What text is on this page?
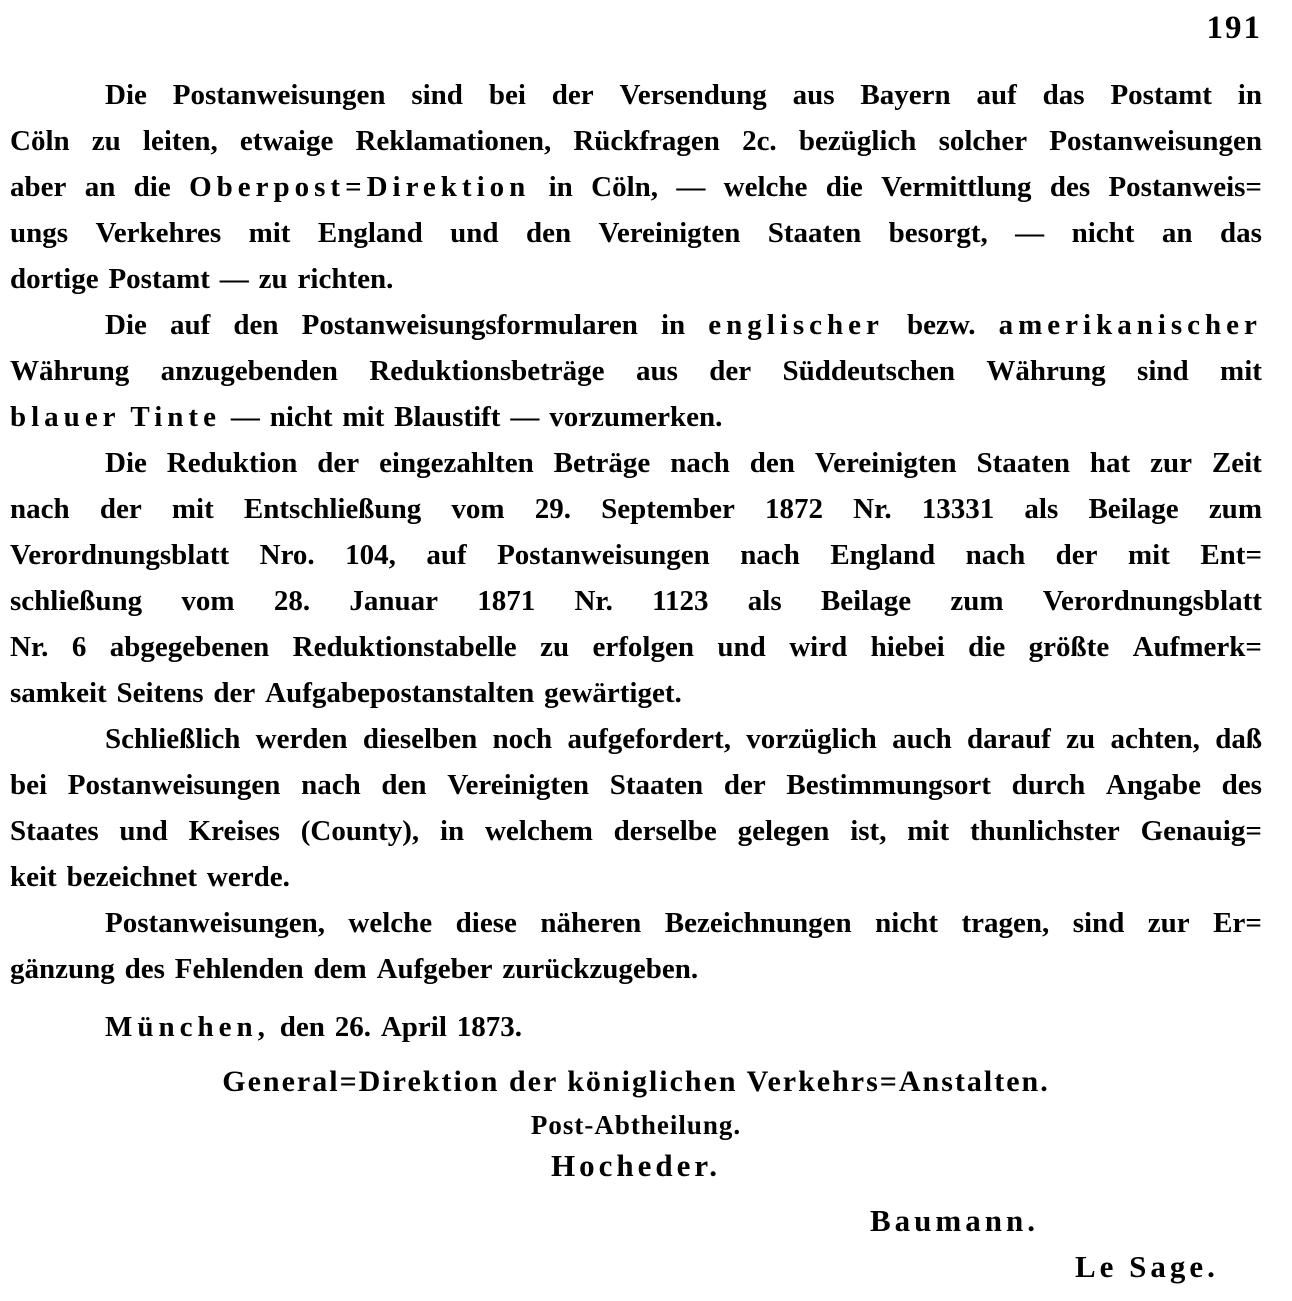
191
Die Postanweisungen sind bei der Versendung aus Bayern auf das Postamt in
Cöln zu leiten, etwaige Reklamationen, Rückfragen 2c. bezüglich solcher Postanweisungen
aber an die Oberpost=Direktion in Cöln, — welche die Vermittlung des Postanweis=
ungs Verkehres mit England und den Vereinigten Staaten besorgt, — nicht an das
dortige Postamt — zu richten.
Die auf den Postanweisungsformularen in englischer bezw. amerikanischer
Währung anzugebenden Reduktionsbeträge aus der Süddeutschen Währung sind mit
blauer Tinte — nicht mit Blaustift — vorzumerken.
Die Reduktion der eingezahlten Beträge nach den Vereinigten Staaten hat zur Zeit
nach der mit Entschließung vom 29. September 1872 Nr. 13331 als Beilage zum
Verordnungsblatt Nro. 104, auf Postanweisungen nach England nach der mit Ent=
schließung vom 28. Januar 1871 Nr. 1123 als Beilage zum Verordnungsblatt
Nr. 6 abgegebenen Reduktionstabelle zu erfolgen und wird hiebei die größte Aufmerk=
samkeit Seitens der Aufgabepostanstalten gewärtiget.
Schließlich werden dieselben noch aufgefordert, vorzüglich auch darauf zu achten, daß
bei Postanweisungen nach den Vereinigten Staaten der Bestimmungsort durch Angabe des
Staates und Kreises (County), in welchem derselbe gelegen ist, mit thunlichster Genauig=
keit bezeichnet werde.
Postanweisungen, welche diese näheren Bezeichnungen nicht tragen, sind zur Er=
gänzung des Fehlenden dem Aufgeber zurückzugeben.
München, den 26. April 1873.
General=Direktion der königlichen Verkehrs=Anstalten.
Post-Abtheilung.
Hocheder.
Baumann.
Le Sage.
